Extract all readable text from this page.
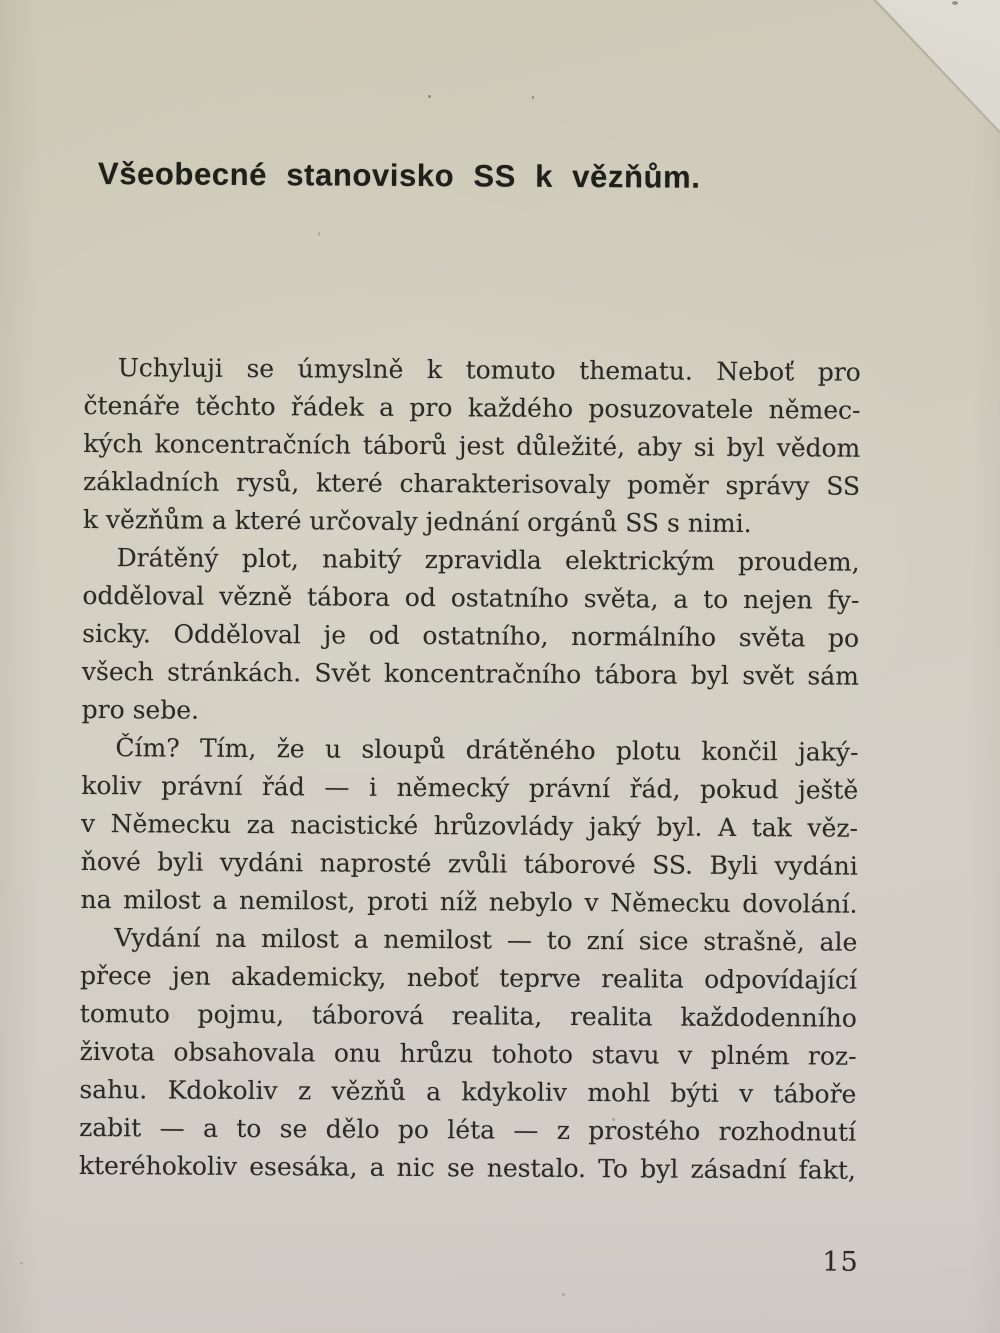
Všeobecné stanovisko SS k vězňům.

Uchyluji se úmyslně k tomuto thematu. Neboť pro
čtenáře těchto řádek a pro každého posuzovatele němec-
kých koncentračních táborů jest důležité, aby si byl vědom
základních rysů, které charakterisovaly poměr správy SS
k vězňům a které určovaly jednání orgánů SS s nimi.

Drátěný plot, nabitý zpravidla elektrickým proudem,
odděloval vězně tábora od ostatního světa, a to nejen fy-
sicky. Odděloval je od ostatního, normálního světa po
všech stránkách. Svět koncentračního tábora byl svět sám
pro sebe.

Čím? Tím, že u sloupů drátěného plotu končil jaký-
koliv právní řád — i německý právní řád, pokud ještě
v Německu za nacistické hrůzovlády jaký byl. A tak věz-
ňové byli vydáni naprosté zvůli táborové SS. Byli vydáni
na milost a nemilost, proti níž nebylo v Německu dovolání.

Vydání na milost a nemilost — to zní sice strašně, ale
přece jen akademicky, neboť teprve realita odpovídající
tomuto pojmu, táborová realita, realita každodenního
života obsahovala onu hrůzu tohoto stavu v plném roz-
sahu. Kdokoliv z vězňů a kdykoliv mohl býti v táboře
zabit — a to se dělo po léta — z prostého rozhodnutí
kteréhokoliv esesáka, a nic se nestalo. To byl zásadní fakt,

15
